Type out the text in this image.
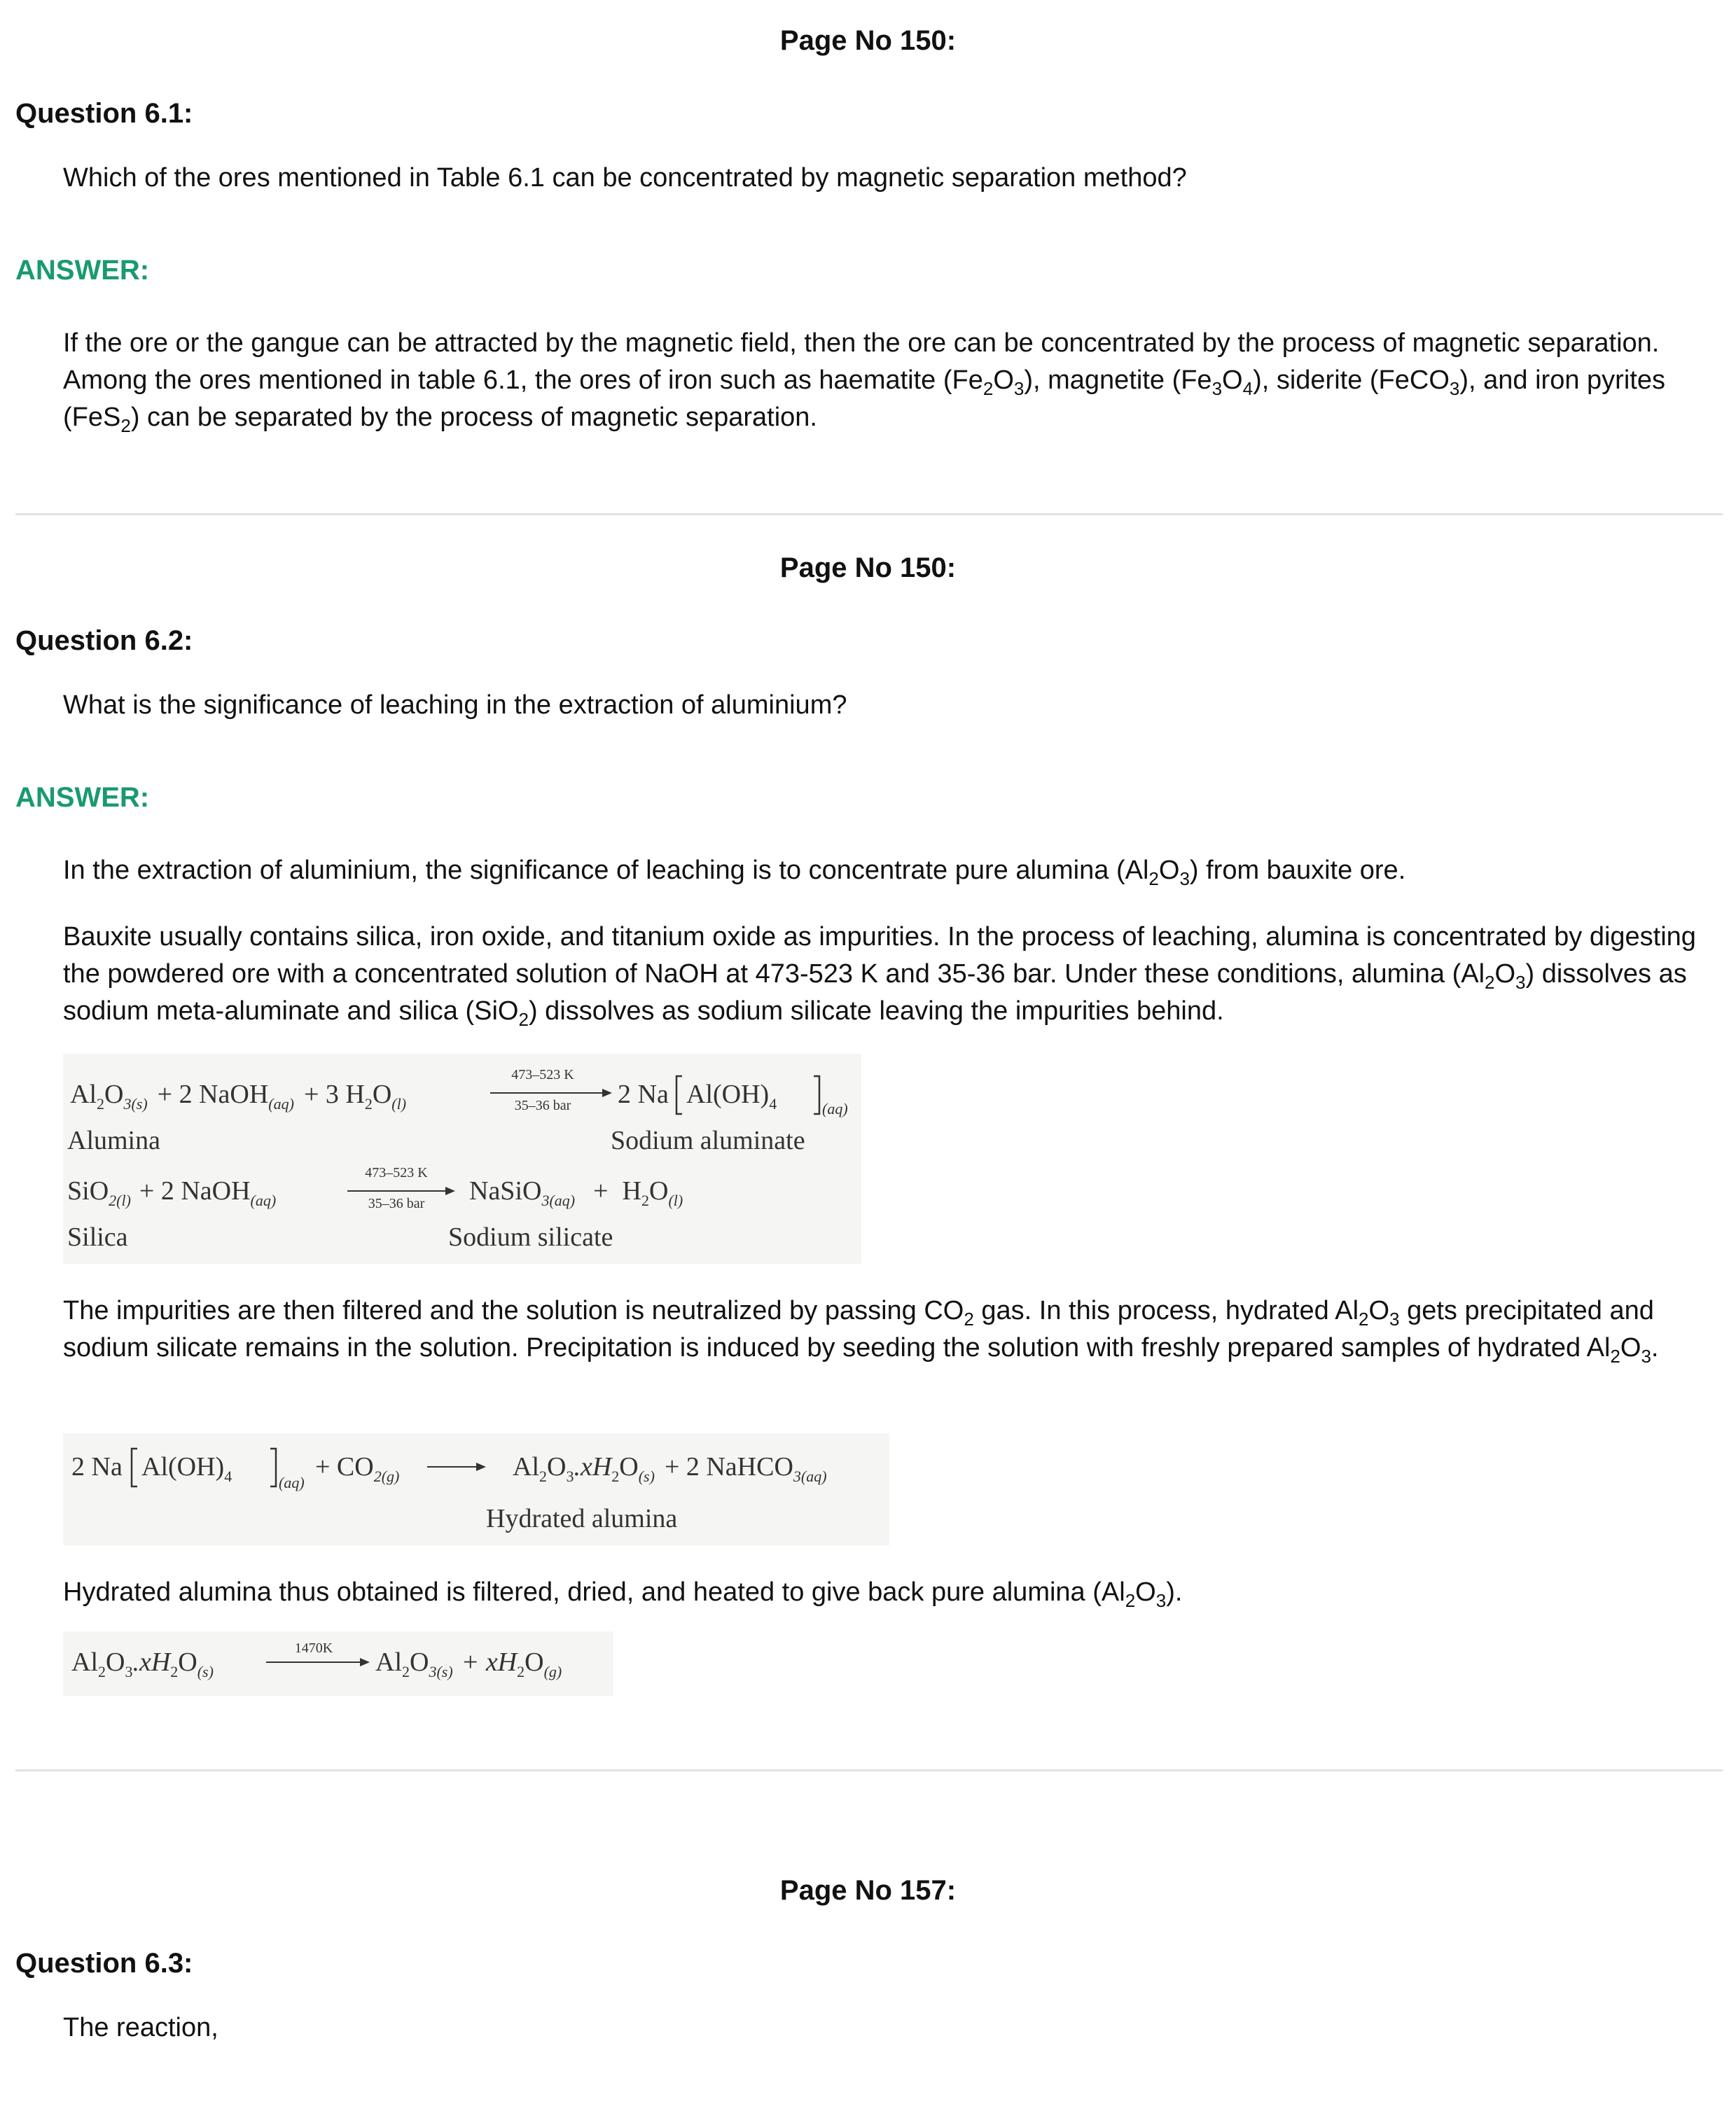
Page No 150:
Question 6.1:
Which of the ores mentioned in Table 6.1 can be concentrated by magnetic separation method?
ANSWER:
If the ore or the gangue can be attracted by the magnetic field, then the ore can be concentrated by the process of magnetic separation. Among the ores mentioned in table 6.1, the ores of iron such as haematite $(Fe_2O_3)$, magnetite $(Fe_3O_4)$, siderite (FeCO$_3$), and iron pyrites (FeS$_2$) can be separated by the process of magnetic separation.
Page No 150:
Question 6.2:
What is the significance of leaching in the extraction of aluminium?
ANSWER:
In the extraction of aluminium, the significance of leaching is to concentrate pure alumina $(Al_2O_3)$ from bauxite ore.
Bauxite usually contains silica, iron oxide, and titanium oxide as impurities. In the process of leaching, alumina is concentrated by digesting the powdered ore with a concentrated solution of NaOH at 473-523 K and 35-36 bar. Under these conditions, alumina $(Al_2O_3)$ dissolves as sodium meta-aluminate and silica (SiO$_2$) dissolves as sodium silicate leaving the impurities behind.
$Al_2O_{3(s)} + 2$ NaOH$_{(aq)}$ + 3 $H_2O_{(l)}$
473–523 K
35–36 bar 2 Na $Al(OH)_4$	(aq)
Alumina	Sodium aluminate
SiO$_{2(l)}$ + 2 NaOH$_{(aq)}$
473–523 K
35–36 bar NaSiO$_{3(aq)}$ + $H_2O_{(l)}$
Silica	Sodium silicate
The impurities are then filtered and the solution is neutralized by passing $CO_2$ gas. In this process, hydrated $Al_2O_3$ gets precipitated and sodium silicate remains in the solution. Precipitation is induced by seeding the solution with freshly prepared samples of hydrated $Al_2O_3$.
2 Na $Al(OH)_4$	(aq)
+ $CO_{2(g)}$	$Al_2O_3.xH_2O_{(s)} + 2$ NaHCO$_{3(aq)}$
Hydrated alumina
Hydrated alumina thus obtained is filtered, dried, and heated to give back pure alumina $(Al_2O_3)$.
$Al_2O_3.xH_2O_{(s)}$
1470K $Al_2O_{3(s)} + xH_2O_{(g)}$
Page No 157:
Question 6.3:
The reaction,
